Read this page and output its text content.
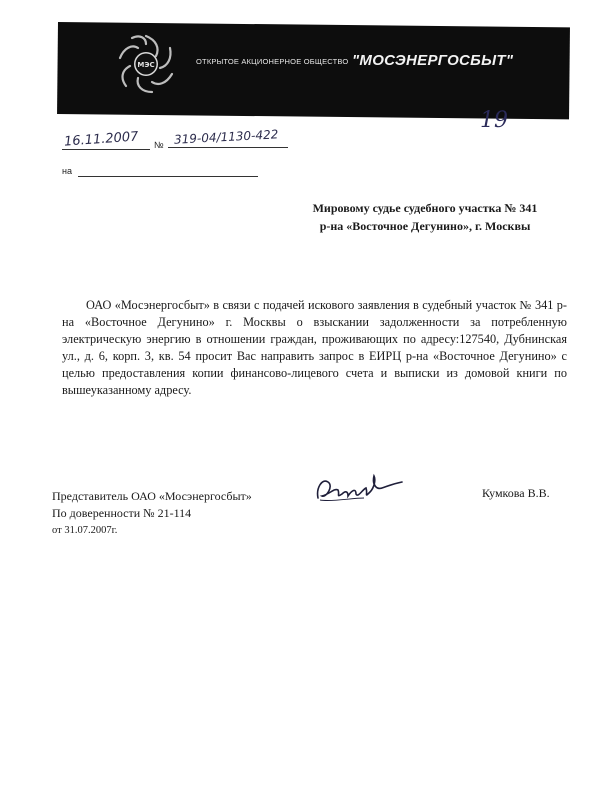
МЭС	ОТКРЫТОЕ АКЦИОНЕРНОЕ ОБЩЕСТВО "МОСЭНЕРГОСБЫТ"
19
16.11.2007 № 319-04/1130-422
на
Мировому судье судебного участка № 341
р-на «Восточное Дегунино», г. Москвы
ОАО «Мосэнергосбыт» в связи с подачей искового заявления в судебный участок № 341 р-на «Восточное Дегунино» г. Москвы о взыскании задолженности за потребленную электрическую энергию в отношении граждан, проживающих по адресу:127540, Дубнинская ул., д. 6, корп. 3, кв. 54 просит Вас направить запрос в ЕИРЦ р-на «Восточное Дегунино» с целью предоставления копии финансово-лицевого счета и выписки из домовой книги по вышеуказанному адресу.
Представитель ОАО «Мосэнергосбыт»
По доверенности № 21-114
от 31.07.2007г.
Кумкова В.В.
